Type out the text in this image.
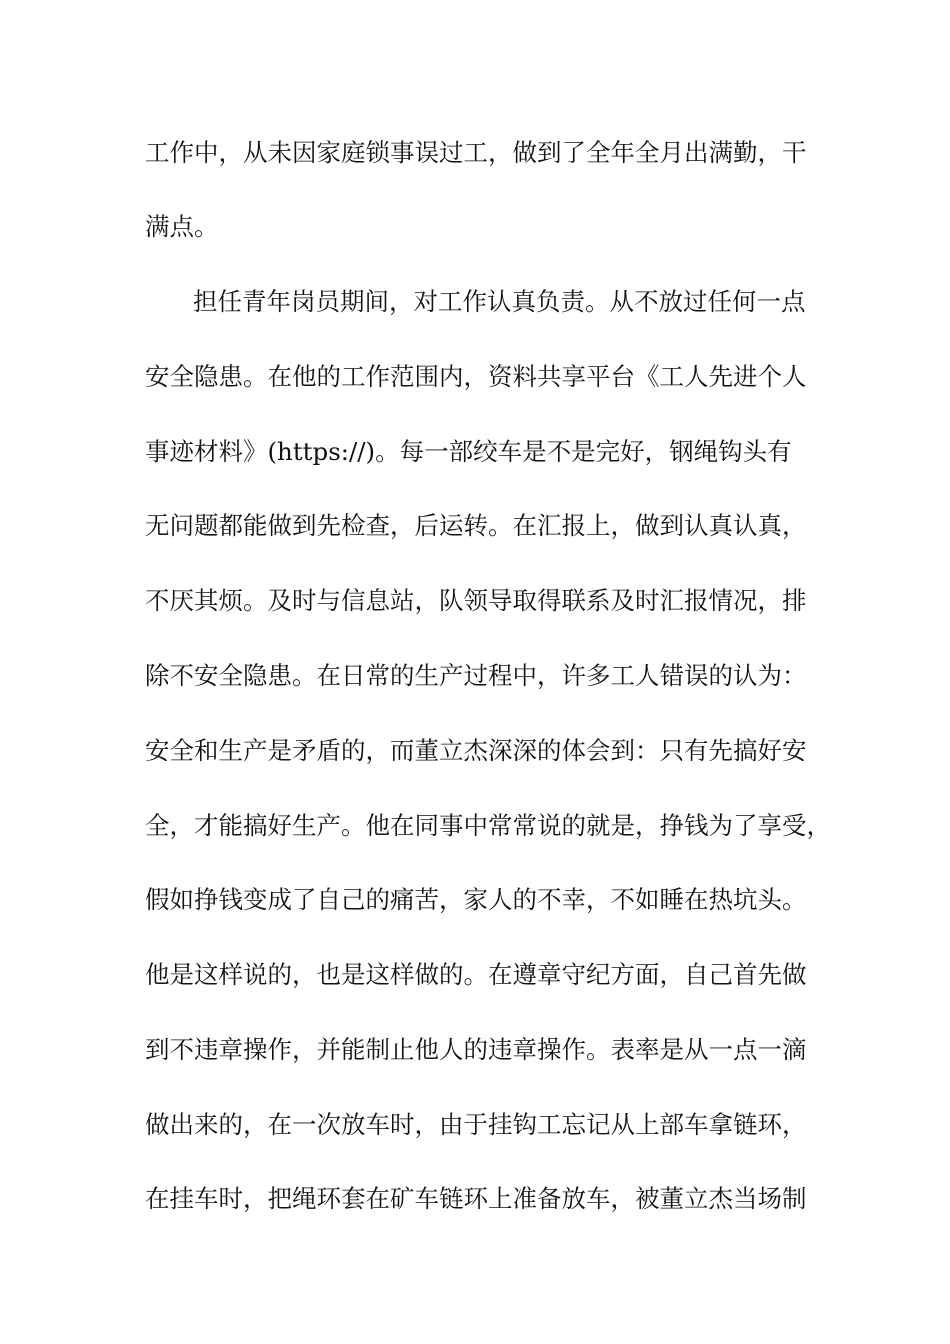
工作中，从未因家庭锁事误过工，做到了全年全月出满勤，干
满点。
担任青年岗员期间，对工作认真负责。从不放过任何一点
安全隐患。在他的工作范围内，资料共享平台《工人先进个人
事迹材料》(https://)。每一部绞车是不是完好，钢绳钩头有
无问题都能做到先检查，后运转。在汇报上，做到认真认真，
不厌其烦。及时与信息站，队领导取得联系及时汇报情况，排
除不安全隐患。在日常的生产过程中，许多工人错误的认为：
安全和生产是矛盾的，而董立杰深深的体会到：只有先搞好安
全，才能搞好生产。他在同事中常常说的就是，挣钱为了享受，
假如挣钱变成了自己的痛苦，家人的不幸，不如睡在热坑头。
他是这样说的，也是这样做的。在遵章守纪方面，自己首先做
到不违章操作，并能制止他人的违章操作。表率是从一点一滴
做出来的，在一次放车时，由于挂钩工忘记从上部车拿链环，
在挂车时，把绳环套在矿车链环上准备放车，被董立杰当场制
